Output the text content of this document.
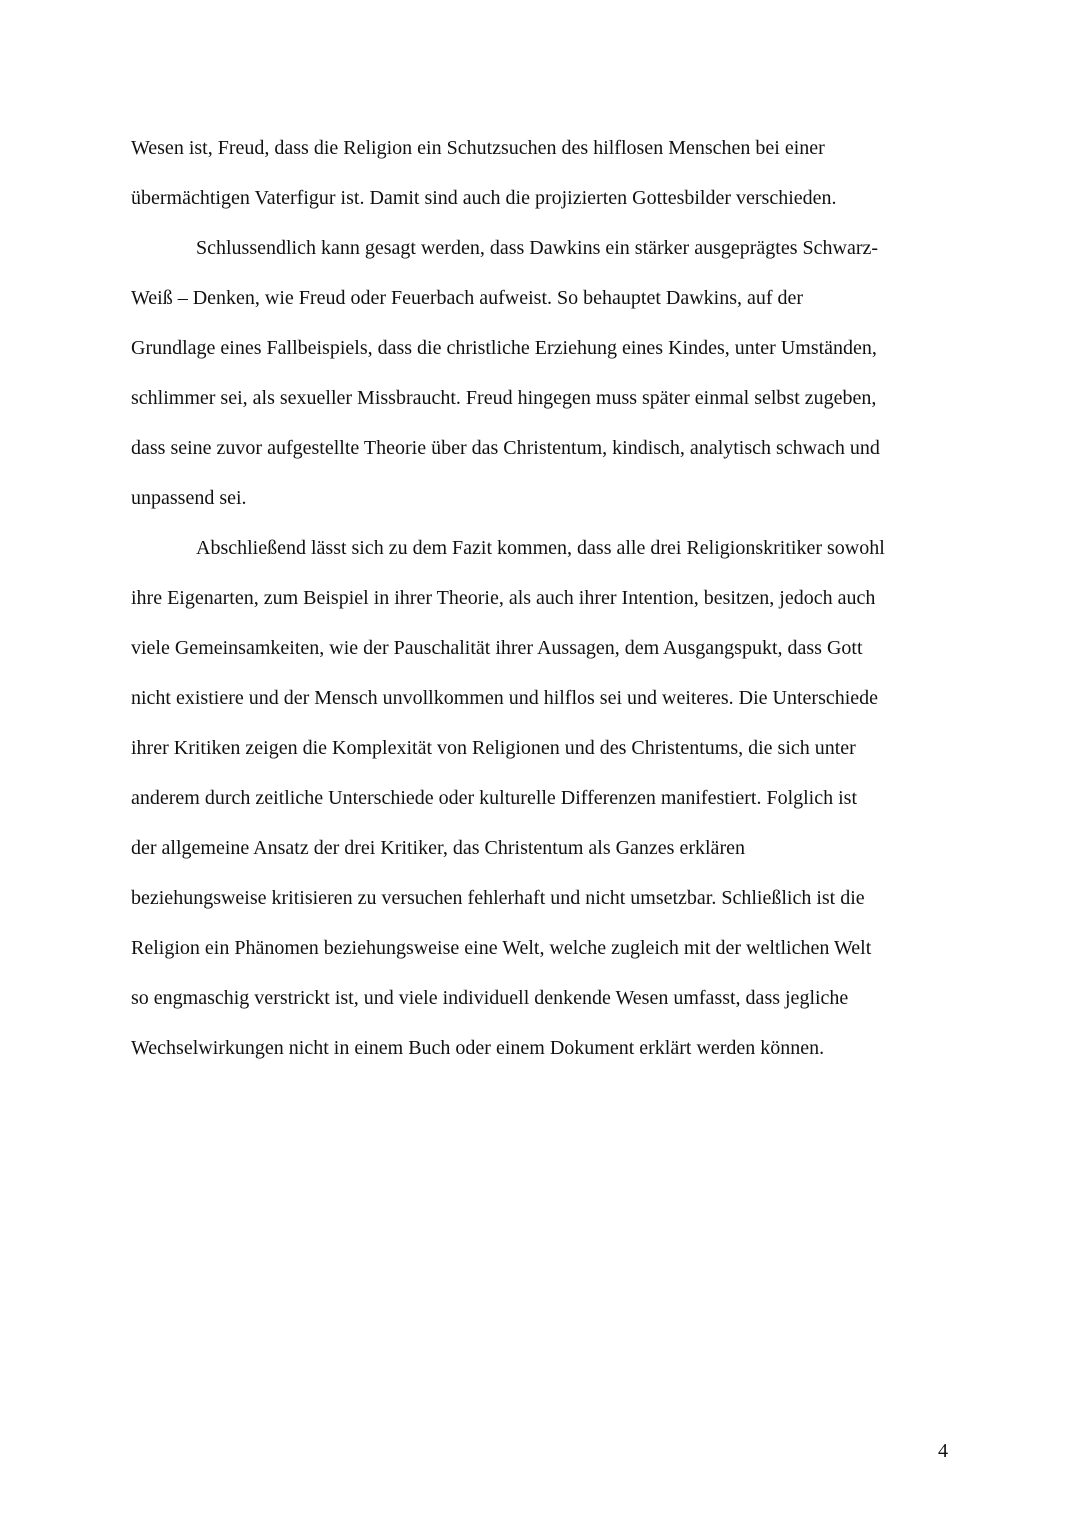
Wesen ist, Freud, dass die Religion ein Schutzsuchen des hilflosen Menschen bei einer
übermächtigen Vaterfigur ist. Damit sind auch die projizierten Gottesbilder verschieden.
Schlussendlich kann gesagt werden, dass Dawkins ein stärker ausgeprägtes Schwarz-
Weiß – Denken, wie Freud oder Feuerbach aufweist. So behauptet Dawkins, auf der
Grundlage eines Fallbeispiels, dass die christliche Erziehung eines Kindes, unter Umständen,
schlimmer sei, als sexueller Missbraucht. Freud hingegen muss später einmal selbst zugeben,
dass seine zuvor aufgestellte Theorie über das Christentum, kindisch, analytisch schwach und
unpassend sei.
Abschließend lässt sich zu dem Fazit kommen, dass alle drei Religionskritiker sowohl
ihre Eigenarten, zum Beispiel in ihrer Theorie, als auch ihrer Intention, besitzen, jedoch auch
viele Gemeinsamkeiten, wie der Pauschalität ihrer Aussagen, dem Ausgangspukt, dass Gott
nicht existiere und der Mensch unvollkommen und hilflos sei und weiteres. Die Unterschiede
ihrer Kritiken zeigen die Komplexität von Religionen und des Christentums, die sich unter
anderem durch zeitliche Unterschiede oder kulturelle Differenzen manifestiert. Folglich ist
der allgemeine Ansatz der drei Kritiker, das Christentum als Ganzes erklären
beziehungsweise kritisieren zu versuchen fehlerhaft und nicht umsetzbar. Schließlich ist die
Religion ein Phänomen beziehungsweise eine Welt, welche zugleich mit der weltlichen Welt
so engmaschig verstrickt ist, und viele individuell denkende Wesen umfasst, dass jegliche
Wechselwirkungen nicht in einem Buch oder einem Dokument erklärt werden können.
4
